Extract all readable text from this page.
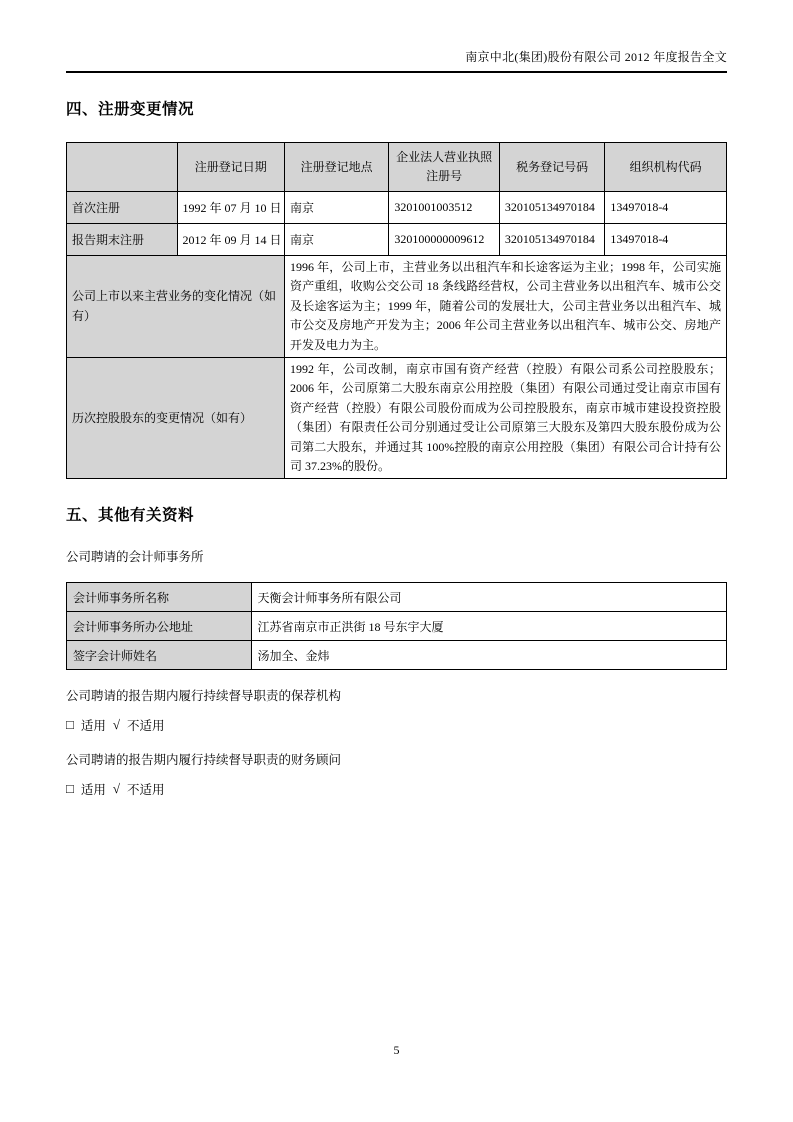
南京中北(集团)股份有限公司 2012 年度报告全文
四、注册变更情况
	注册登记日期	注册登记地点	企业法人营业执照注册号	税务登记号码	组织机构代码
首次注册	1992 年 07 月 10 日	南京	3201001003512	320105134970184	13497018-4
报告期末注册	2012 年 09 月 14 日	南京	320100000009612	320105134970184	13497018-4
公司上市以来主营业务的变化情况（如有）		1996 年，公司上市，主营业务以出租汽车和长途客运为主业；1998 年，公司实施资产重组，收购公交公司 18 条线路经营权，公司主营业务以出租汽车、城市公交及长途客运为主；1999 年，随着公司的发展壮大，公司主营业务以出租汽车、城市公交及房地产开发为主；2006 年公司主营业务以出租汽车、城市公交、房地产开发及电力为主。			
历次控股股东的变更情况（如有）		1992 年，公司改制，南京市国有资产经营（控股）有限公司系公司控股股东；2006 年，公司原第二大股东南京公用控股（集团）有限公司通过受让南京市国有资产经营（控股）有限公司股份而成为公司控股股东，南京市城市建设投资控股（集团）有限责任公司分别通过受让公司原第三大股东及第四大股东股份成为公司第二大股东，并通过其 100%控股的南京公用控股（集团）有限公司合计持有公司 37.23%的股份。			
五、其他有关资料
公司聘请的会计师事务所
会计师事务所名称	天衡会计师事务所有限公司
会计师事务所办公地址	江苏省南京市正洪街 18 号东宇大厦
签字会计师姓名	汤加全、金炜
公司聘请的报告期内履行持续督导职责的保荐机构
□ 适用 √ 不适用
公司聘请的报告期内履行持续督导职责的财务顾问
□ 适用 √ 不适用
5
